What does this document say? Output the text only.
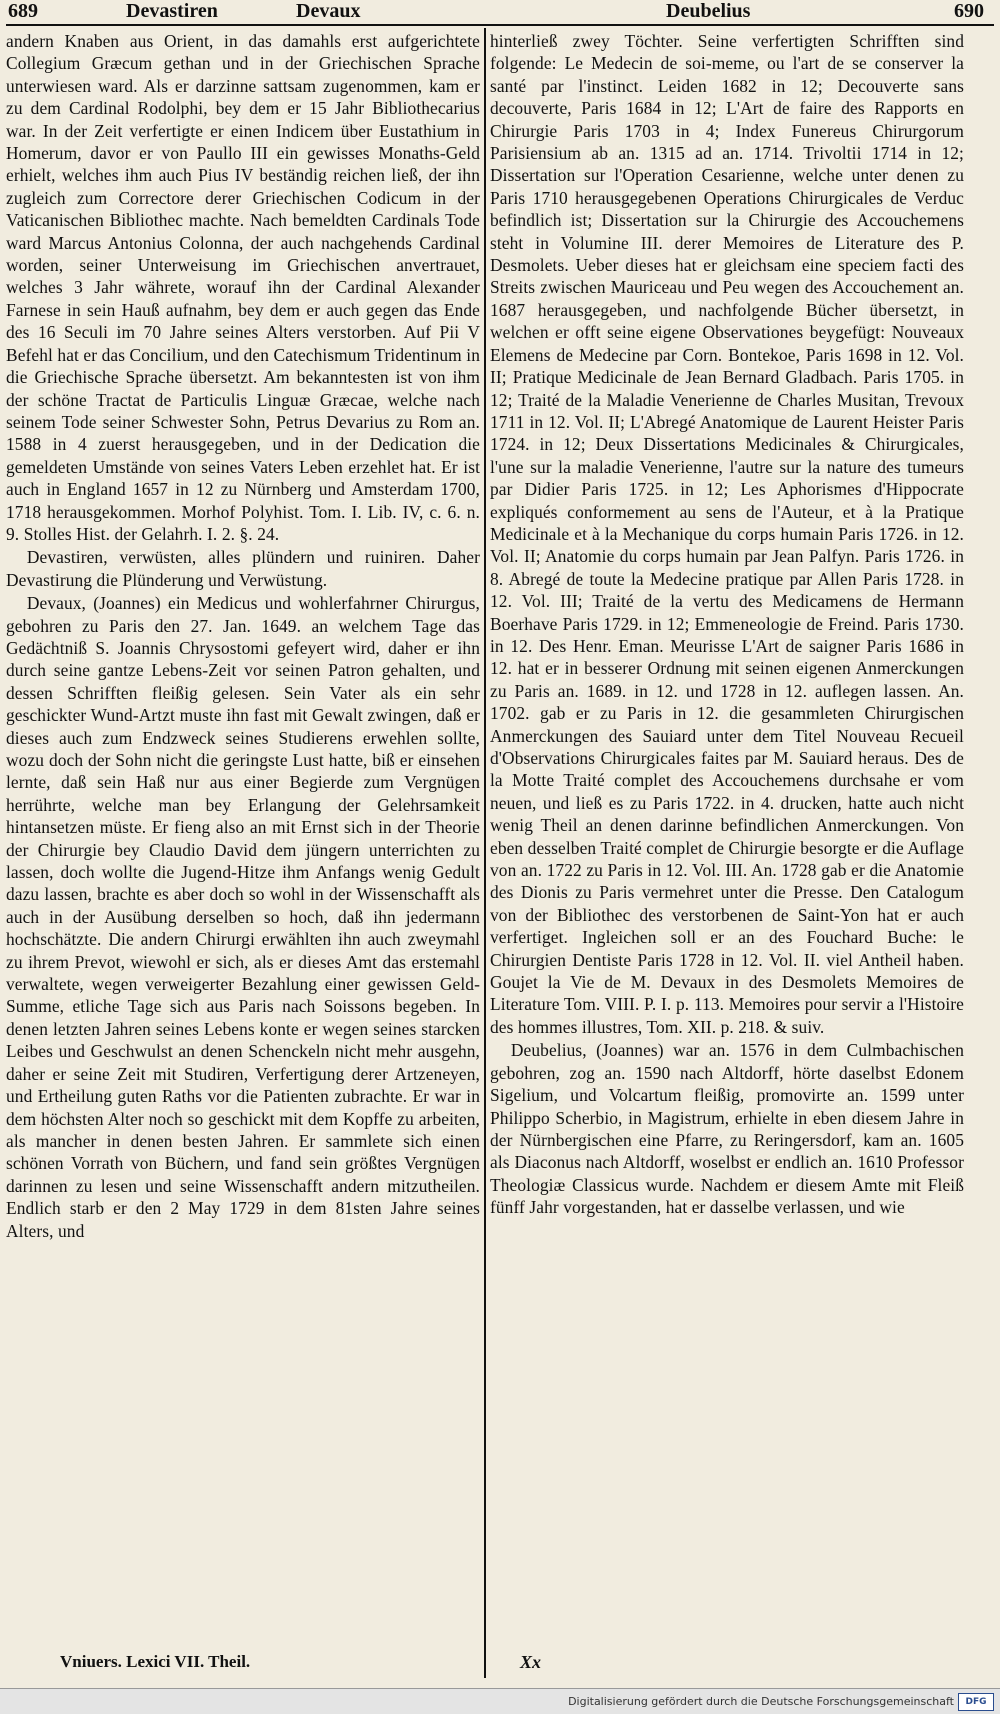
689	Devastiren	Devaux	Deubelius	690

andern Knaben aus Orient, in das damahls erst aufgerichtete Collegium Græcum gethan und in der Griechischen Sprache unterwiesen ward. Als er darzinne sattsam zugenommen, kam er zu dem Cardinal Rodolphi, bey dem er 15 Jahr Bibliothecarius war. In der Zeit verfertigte er einen Indicem über Eustathium in Homerum, davor er von Paullo III ein gewisses Monaths-Geld erhielt, welches ihm auch Pius IV beständig reichen ließ, der ihn zugleich zum Correctore derer Griechischen Codicum in der Vaticanischen Bibliothec machte. Nach bemeldten Cardinals Tode ward Marcus Antonius Colonna, der auch nachgehends Cardinal worden, seiner Unterweisung im Griechischen anvertrauet, welches 3 Jahr währete, worauf ihn der Cardinal Alexander Farnese in sein Hauß aufnahm, bey dem er auch gegen das Ende des 16 Seculi im 70 Jahre seines Alters verstorben. Auf Pii V Befehl hat er das Concilium, und den Catechismum Tridentinum in die Griechische Sprache übersetzt. Am bekanntesten ist von ihm der schöne Tractat de Particulis Linguæ Græcae, welche nach seinem Tode seiner Schwester Sohn, Petrus Devarius zu Rom an. 1588 in 4 zuerst herausgegeben, und in der Dedication die gemeldeten Umstände von seines Vaters Leben erzehlet hat. Er ist auch in England 1657 in 12 zu Nürnberg und Amsterdam 1700, 1718 herausgekommen. Morhof Polyhist. Tom. I. Lib. IV, c. 6. n. 9. Stolles Hist. der Gelahrh. I. 2. §. 24.

Devastiren, verwüsten, alles plündern und ruiniren. Daher Devastirung die Plünderung und Verwüstung.

Devaux, (Joannes) ein Medicus und wohlerfahrner Chirurgus, gebohren zu Paris den 27. Jan. 1649. an welchem Tage das Gedächtniß S. Joannis Chrysostomi gefeyert wird, daher er ihn durch seine gantze Lebens-Zeit vor seinen Patron gehalten, und dessen Schrifften fleißig gelesen. Sein Vater als ein sehr geschickter Wund-Artzt muste ihn fast mit Gewalt zwingen, daß er dieses auch zum Endzweck seines Studierens erwehlen sollte, wozu doch der Sohn nicht die geringste Lust hatte, biß er einsehen lernte, daß sein Haß nur aus einer Begierde zum Vergnügen herrührte, welche man bey Erlangung der Gelehrsamkeit hintansetzen müste. Er fieng also an mit Ernst sich in der Theorie der Chirurgie bey Claudio David dem jüngern unterrichten zu lassen, doch wollte die Jugend-Hitze ihm Anfangs wenig Gedult dazu lassen, brachte es aber doch so wohl in der Wissenschafft als auch in der Ausübung derselben so hoch, daß ihn jedermann hochschätzte. Die andern Chirurgi erwählten ihn auch zweymahl zu ihrem Prevot, wiewohl er sich, als er dieses Amt das erstemahl verwaltete, wegen verweigerter Bezahlung einer gewissen Geld-Summe, etliche Tage sich aus Paris nach Soissons begeben. In denen letzten Jahren seines Lebens konte er wegen seines starcken Leibes und Geschwulst an denen Schenckeln nicht mehr ausgehn, daher er seine Zeit mit Studiren, Verfertigung derer Artzeneyen, und Ertheilung guten Raths vor die Patienten zubrachte. Er war in dem höchsten Alter noch so geschickt mit dem Kopffe zu arbeiten, als mancher in denen besten Jahren. Er sammlete sich einen schönen Vorrath von Büchern, und fand sein größtes Vergnügen darinnen zu lesen und seine Wissenschafft andern mitzutheilen. Endlich starb er den 2 May 1729 in dem 81sten Jahre seines Alters, und

hinterließ zwey Töchter. Seine verfertigten Schrifften sind folgende: Le Medecin de soi-meme, ou l'art de se conserver la santé par l'instinct. Leiden 1682 in 12; Decouverte sans decouverte, Paris 1684 in 12; L'Art de faire des Rapports en Chirurgie Paris 1703 in 4; Index Funereus Chirurgorum Parisiensium ab an. 1315 ad an. 1714. Trivoltii 1714 in 12; Dissertation sur l'Operation Cesarienne, welche unter denen zu Paris 1710 herausgegebenen Operations Chirurgicales de Verduc befindlich ist; Dissertation sur la Chirurgie des Accouchemens steht in Volumine III. derer Memoires de Literature des P. Desmolets. Ueber dieses hat er gleichsam eine speciem facti des Streits zwischen Mauriceau und Peu wegen des Accouchement an. 1687 herausgegeben, und nachfolgende Bücher übersetzt, in welchen er offt seine eigene Observationes beygefügt: Nouveaux Elemens de Medecine par Corn. Bontekoe, Paris 1698 in 12. Vol. II; Pratique Medicinale de Jean Bernard Gladbach. Paris 1705. in 12; Traité de la Maladie Venerienne de Charles Musitan, Trevoux 1711 in 12. Vol. II; L'Abregé Anatomique de Laurent Heister Paris 1724. in 12; Deux Dissertations Medicinales & Chirurgicales, l'une sur la maladie Venerienne, l'autre sur la nature des tumeurs par Didier Paris 1725. in 12; Les Aphorismes d'Hippocrate expliqués conformement au sens de l'Auteur, et à la Pratique Medicinale et à la Mechanique du corps humain Paris 1726. in 12. Vol. II; Anatomie du corps humain par Jean Palfyn. Paris 1726. in 8. Abregé de toute la Medecine pratique par Allen Paris 1728. in 12. Vol. III; Traité de la vertu des Medicamens de Hermann Boerhave Paris 1729. in 12; Emmeneologie de Freind. Paris 1730. in 12. Des Henr. Eman. Meurisse L'Art de saigner Paris 1686 in 12. hat er in besserer Ordnung mit seinen eigenen Anmerckungen zu Paris an. 1689. in 12. und 1728 in 12. auflegen lassen. An. 1702. gab er zu Paris in 12. die gesammleten Chirurgischen Anmerckungen des Sauiard unter dem Titel Nouveau Recueil d'Observations Chirurgicales faites par M. Sauiard heraus. Des de la Motte Traité complet des Accouchemens durchsahe er vom neuen, und ließ es zu Paris 1722. in 4. drucken, hatte auch nicht wenig Theil an denen darinne befindlichen Anmerckungen. Von eben desselben Traité complet de Chirurgie besorgte er die Auflage von an. 1722 zu Paris in 12. Vol. III. An. 1728 gab er die Anatomie des Dionis zu Paris vermehret unter die Presse. Den Catalogum von der Bibliothec des verstorbenen de Saint-Yon hat er auch verfertiget. Ingleichen soll er an des Fouchard Buche: le Chirurgien Dentiste Paris 1728 in 12. Vol. II. viel Antheil haben. Goujet la Vie de M. Devaux in des Desmolets Memoires de Literature Tom. VIII. P. I. p. 113. Memoires pour servir a l'Histoire des hommes illustres, Tom. XII. p. 218. & suiv.

Deubelius, (Joannes) war an. 1576 in dem Culmbachischen gebohren, zog an. 1590 nach Altdorff, hörte daselbst Edonem Sigelium, und Volcartum fleißig, promovirte an. 1599 unter Philippo Scherbio, in Magistrum, erhielte in eben diesem Jahre in der Nürnbergischen eine Pfarre, zu Reringersdorf, kam an. 1605 als Diaconus nach Altdorff, woselbst er endlich an. 1610 Professor Theologiæ Classicus wurde. Nachdem er diesem Amte mit Fleiß fünff Jahr vorgestanden, hat er dasselbe verlassen, und wie

Vniuers. Lexici VII. Theil.	Xx
Digitalisierung gefördert durch die Deutsche Forschungsgemeinschaft	DFG
